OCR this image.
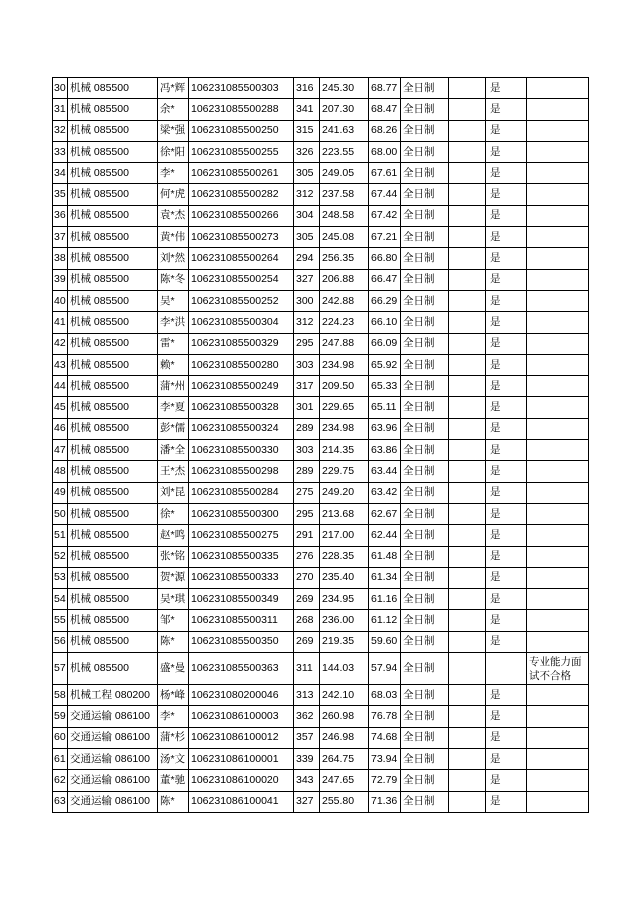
30	机械 085500	冯*辉	106231085500303	316	245.30	68.77	全日制		是	
31	机械 085500	余*	106231085500288	341	207.30	68.47	全日制		是	
32	机械 085500	梁*强	106231085500250	315	241.63	68.26	全日制		是	
33	机械 085500	徐*阳	106231085500255	326	223.55	68.00	全日制		是	
34	机械 085500	李*	106231085500261	305	249.05	67.61	全日制		是	
35	机械 085500	何*虎	106231085500282	312	237.58	67.44	全日制		是	
36	机械 085500	袁*杰	106231085500266	304	248.58	67.42	全日制		是	
37	机械 085500	黄*伟	106231085500273	305	245.08	67.21	全日制		是	
38	机械 085500	刘*然	106231085500264	294	256.35	66.80	全日制		是	
39	机械 085500	陈*冬	106231085500254	327	206.88	66.47	全日制		是	
40	机械 085500	吴*	106231085500252	300	242.88	66.29	全日制		是	
41	机械 085500	李*洪	106231085500304	312	224.23	66.10	全日制		是	
42	机械 085500	雷*	106231085500329	295	247.88	66.09	全日制		是	
43	机械 085500	赖*	106231085500280	303	234.98	65.92	全日制		是	
44	机械 085500	蒲*州	106231085500249	317	209.50	65.33	全日制		是	
45	机械 085500	李*夏	106231085500328	301	229.65	65.11	全日制		是	
46	机械 085500	彭*儒	106231085500324	289	234.98	63.96	全日制		是	
47	机械 085500	潘*全	106231085500330	303	214.35	63.86	全日制		是	
48	机械 085500	王*杰	106231085500298	289	229.75	63.44	全日制		是	
49	机械 085500	刘*昆	106231085500284	275	249.20	63.42	全日制		是	
50	机械 085500	徐*	106231085500300	295	213.68	62.67	全日制		是	
51	机械 085500	赵*鸣	106231085500275	291	217.00	62.44	全日制		是	
52	机械 085500	张*铭	106231085500335	276	228.35	61.48	全日制		是	
53	机械 085500	贺*源	106231085500333	270	235.40	61.34	全日制		是	
54	机械 085500	吴*琪	106231085500349	269	234.95	61.16	全日制		是	
55	机械 085500	邹*	106231085500311	268	236.00	61.12	全日制		是	
56	机械 085500	陈*	106231085500350	269	219.35	59.60	全日制		是	
57	机械 085500	盛*曼	106231085500363	311	144.03	57.94	全日制			专业能力面试不合格
58	机械工程 080200	杨*峰	106231080200046	313	242.10	68.03	全日制		是	
59	交通运输 086100	李*	106231086100003	362	260.98	76.78	全日制		是	
60	交通运输 086100	蒲*杉	106231086100012	357	246.98	74.68	全日制		是	
61	交通运输 086100	汤*文	106231086100001	339	264.75	73.94	全日制		是	
62	交通运输 086100	董*驰	106231086100020	343	247.65	72.79	全日制		是	
63	交通运输 086100	陈*	106231086100041	327	255.80	71.36	全日制		是	
